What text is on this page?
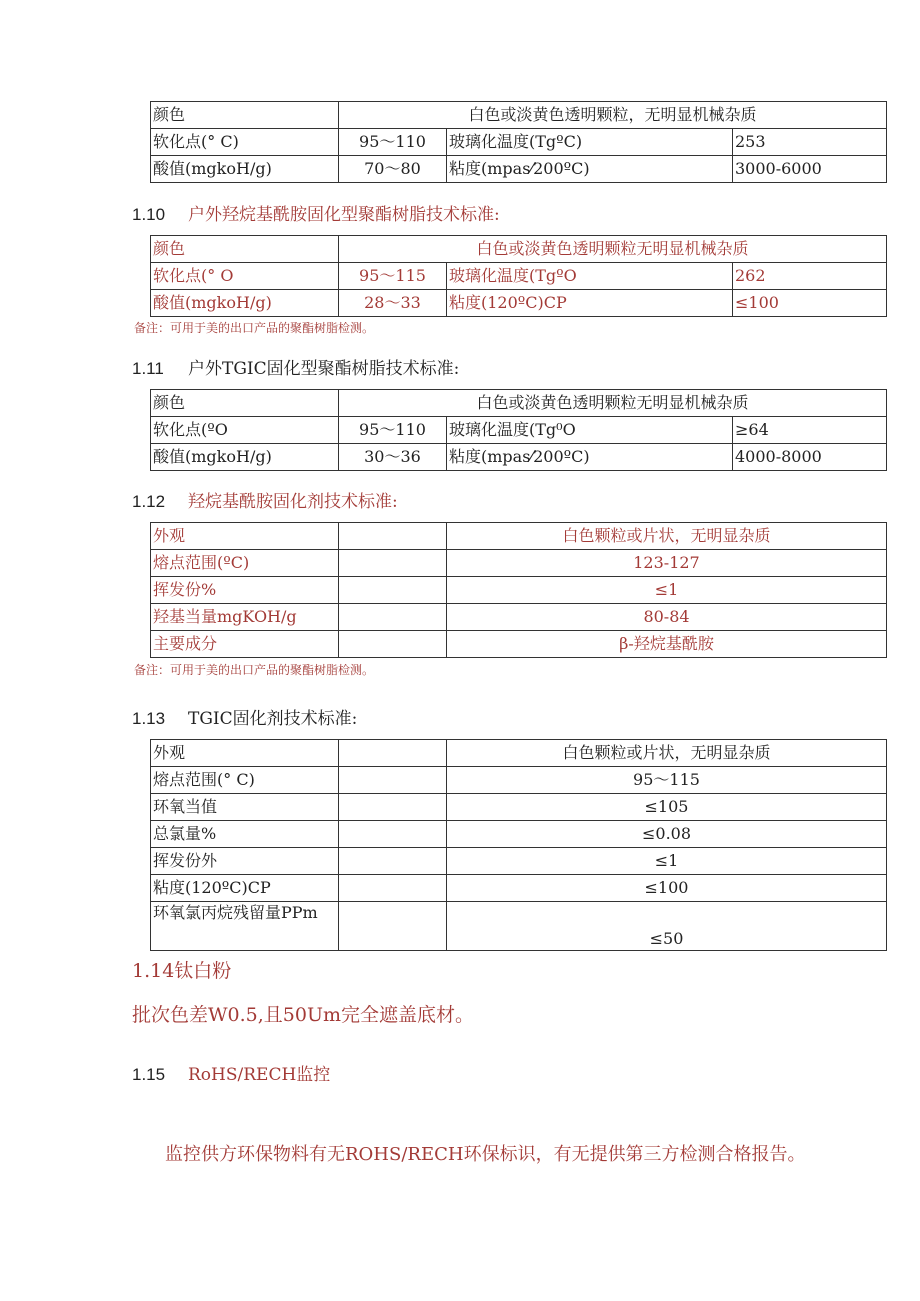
颜色	白色或淡黄色透明颗粒，无明显机械杂质		
软化点(° C)	95～110	玻璃化温度(TgºC)	253
酸值(mgkoH/g)	70～80	粘度(mpas⁄200ºC)	3000-6000
1.10 户外羟烷基酰胺固化型聚酯树脂技术标准:
颜色	白色或淡黄色透明颗粒无明显机械杂质		
软化点(° O	95～115	玻璃化温度(TgºO	262
酸值(mgkoH/g)	28～33	粘度(120ºC)CP	≤100
备注：可用于美的出口产品的聚酯树脂检测。
1.11 户外TGIC固化型聚酯树脂技术标准:
颜色	白色或淡黄色透明颗粒无明显机械杂质		
软化点(ºO	95～110	玻璃化温度(Tg⁰O	≥64
酸值(mgkoH/g)	30～36	粘度(mpas⁄200ºC)	4000-8000
1.12 羟烷基酰胺固化剂技术标准:
外观		白色颗粒或片状，无明显杂质
熔点范围(ºC)		123-127
挥发份%		≤1
羟基当量mgKOH/g		80-84
主要成分		β-羟烷基酰胺
备注：可用于美的出口产品的聚酯树脂检测。
1.13 TGIC固化剂技术标准:
外观		白色颗粒或片状，无明显杂质
熔点范围(° C)		95～115
环氧当值		≤105
总氯量%		≤0.08
挥发份外		≤1
粘度(120ºC)CP		≤100
环氧氯丙烷残留量PPm		≤50
1.14钛白粉
批次色差W0.5,且50Um完全遮盖底材。
1.15 RoHS/RECH监控
监控供方环保物料有无ROHS/RECH环保标识，有无提供第三方检测合格报告。
